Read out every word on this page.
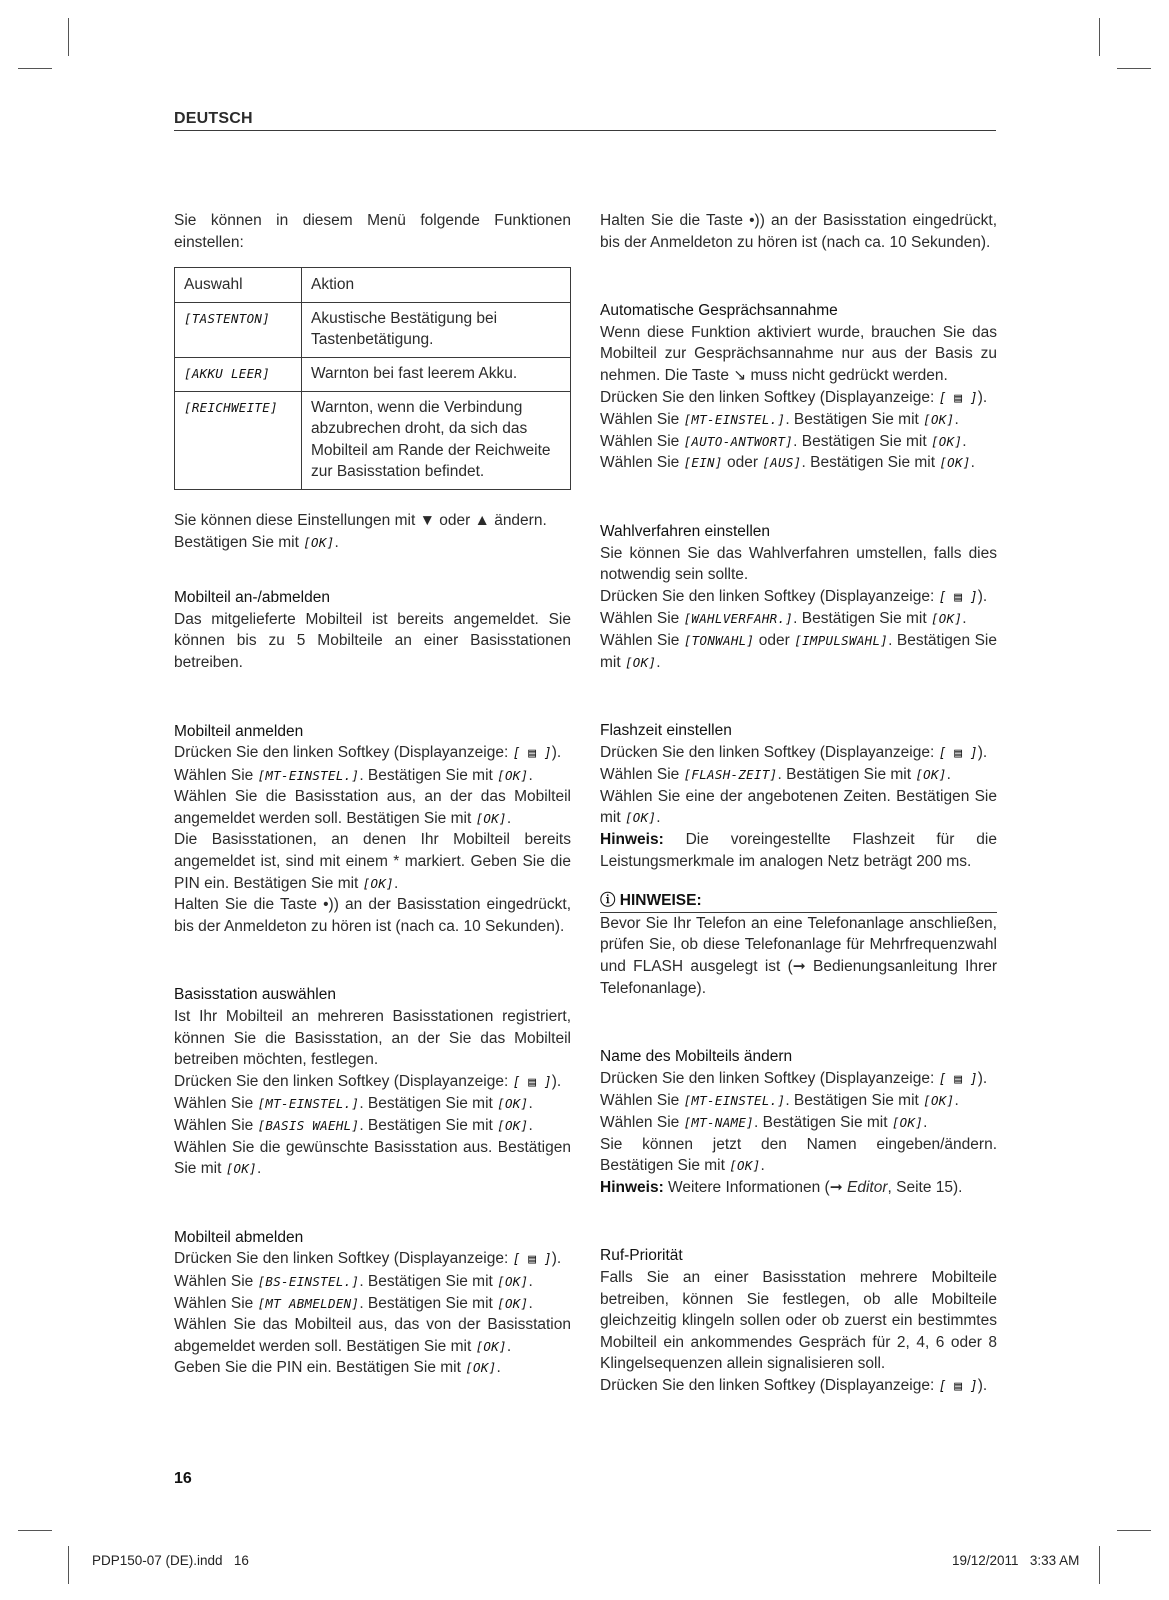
DEUTSCH

Sie können in diesem Menü folgende Funktionen einstellen:

Auswahl	Aktion
[TASTENTON]	Akustische Bestätigung bei Tastenbetätigung.
[AKKU LEER]	Warnton bei fast leerem Akku.
[REICHWEITE]	Warnton, wenn die Verbindung abzubrechen droht, da sich das Mobilteil am Rande der Reichweite zur Basisstation befindet.

Sie können diese Einstellungen mit ▼ oder ▲ ändern.

Bestätigen Sie mit [OK].

Mobilteil an-/abmelden

Das mitgelieferte Mobilteil ist bereits angemeldet. Sie können bis zu 5 Mobilteile an einer Basisstationen betreiben.

Mobilteil anmelden

Drücken Sie den linken Softkey (Displayanzeige: [ ▤ ]).

Wählen Sie [MT-EINSTEL.]. Bestätigen Sie mit [OK].

Wählen Sie die Basisstation aus, an der das Mobilteil angemeldet werden soll. Bestätigen Sie mit [OK].

Die Basisstationen, an denen Ihr Mobilteil bereits angemeldet ist, sind mit einem * markiert. Geben Sie die PIN ein. Bestätigen Sie mit [OK].

Halten Sie die Taste •)) an der Basisstation eingedrückt, bis der Anmeldeton zu hören ist (nach ca. 10 Sekunden).

Basisstation auswählen

Ist Ihr Mobilteil an mehreren Basisstationen registriert, können Sie die Basisstation, an der Sie das Mobilteil betreiben möchten, festlegen.

Drücken Sie den linken Softkey (Displayanzeige: [ ▤ ]).

Wählen Sie [MT-EINSTEL.]. Bestätigen Sie mit [OK].

Wählen Sie [BASIS WAEHL]. Bestätigen Sie mit [OK].

Wählen Sie die gewünschte Basisstation aus. Bestätigen Sie mit [OK].

Mobilteil abmelden

Drücken Sie den linken Softkey (Displayanzeige: [ ▤ ]).

Wählen Sie [BS-EINSTEL.]. Bestätigen Sie mit [OK].

Wählen Sie [MT ABMELDEN]. Bestätigen Sie mit [OK].

Wählen Sie das Mobilteil aus, das von der Basisstation abgemeldet werden soll. Bestätigen Sie mit [OK].

Geben Sie die PIN ein. Bestätigen Sie mit [OK].

Halten Sie die Taste •)) an der Basisstation eingedrückt, bis der Anmeldeton zu hören ist (nach ca. 10 Sekunden).

Automatische Gesprächsannahme

Wenn diese Funktion aktiviert wurde, brauchen Sie das Mobilteil zur Gesprächsannahme nur aus der Basis zu nehmen. Die Taste ↘ muss nicht gedrückt werden.

Drücken Sie den linken Softkey (Displayanzeige: [ ▤ ]).

Wählen Sie [MT-EINSTEL.]. Bestätigen Sie mit [OK].

Wählen Sie [AUTO-ANTWORT]. Bestätigen Sie mit [OK].

Wählen Sie [EIN] oder [AUS]. Bestätigen Sie mit [OK].

Wahlverfahren einstellen

Sie können Sie das Wahlverfahren umstellen, falls dies notwendig sein sollte.

Drücken Sie den linken Softkey (Displayanzeige: [ ▤ ]).

Wählen Sie [WAHLVERFAHR.]. Bestätigen Sie mit [OK].

Wählen Sie [TONWAHL] oder [IMPULSWAHL]. Bestätigen Sie mit [OK].

Flashzeit einstellen

Drücken Sie den linken Softkey (Displayanzeige: [ ▤ ]).

Wählen Sie [FLASH-ZEIT]. Bestätigen Sie mit [OK].

Wählen Sie eine der angebotenen Zeiten. Bestätigen Sie mit [OK].

Hinweis: Die voreingestellte Flashzeit für die Leistungsmerkmale im analogen Netz beträgt 200 ms.

ⓘ HINWEISE:

Bevor Sie Ihr Telefon an eine Telefonanlage anschließen, prüfen Sie, ob diese Telefonanlage für Mehrfrequenzwahl und FLASH ausgelegt ist (➞ Bedienungsanleitung Ihrer Telefonanlage).

Name des Mobilteils ändern

Drücken Sie den linken Softkey (Displayanzeige: [ ▤ ]).

Wählen Sie [MT-EINSTEL.]. Bestätigen Sie mit [OK].

Wählen Sie [MT-NAME]. Bestätigen Sie mit [OK].

Sie können jetzt den Namen eingeben/ändern. Bestätigen Sie mit [OK].

Hinweis: Weitere Informationen (➞ Editor, Seite 15).

Ruf-Priorität

Falls Sie an einer Basisstation mehrere Mobilteile betreiben, können Sie festlegen, ob alle Mobilteile gleichzeitig klingeln sollen oder ob zuerst ein bestimmtes Mobilteil ein ankommendes Gespräch für 2, 4, 6 oder 8 Klingelsequenzen allein signalisieren soll.

Drücken Sie den linken Softkey (Displayanzeige: [ ▤ ]).

16
PDP150-07 (DE).indd   16	19/12/2011   3:33 AM
